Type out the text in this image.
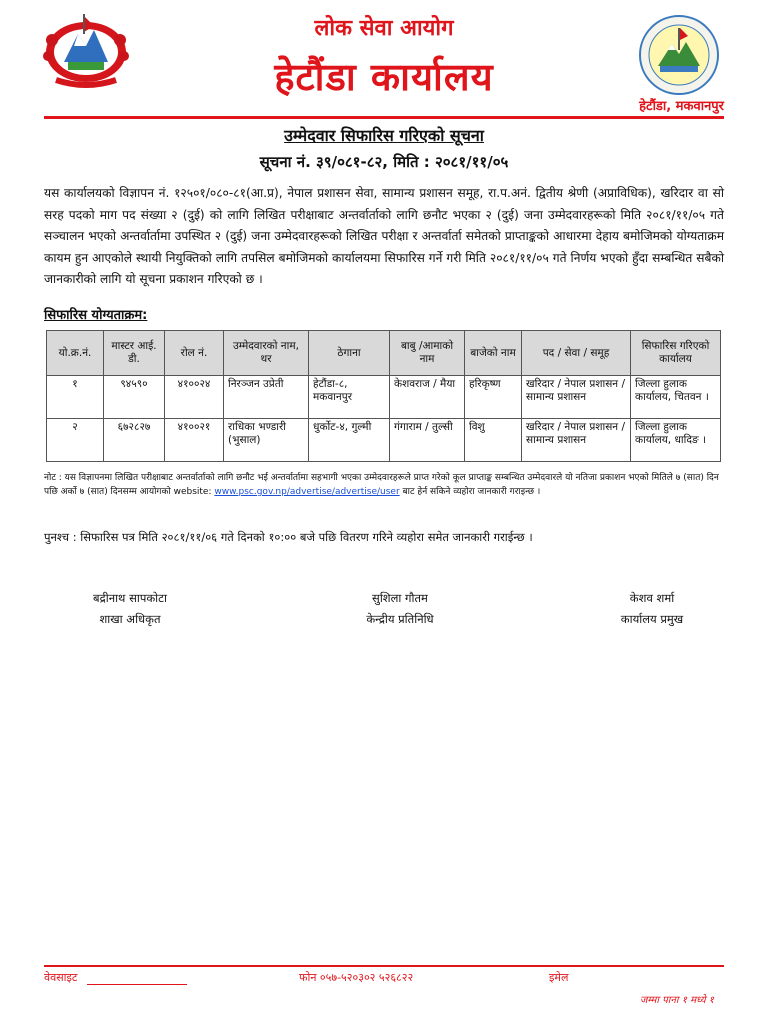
लोक सेवा आयोग
हेटौंडा कार्यालय
हेटौंडा, मकवानपुर
उम्मेदवार सिफारिस गरिएको सूचना
सूचना नं. ३९/०८१-८२, मिति : २०८१/११/०५
यस कार्यालयको विज्ञापन नं. १२५०१/०८०-८१(आ.प्र), नेपाल प्रशासन सेवा, सामान्य प्रशासन समूह, रा.प.अनं. द्वितीय श्रेणी (अप्राविधिक), खरिदार वा सो सरह पदको माग पद संख्या २ (दुई) को लागि लिखित परीक्षाबाट अन्तर्वार्ताको लागि छनौट भएका २ (दुई) जना उम्मेदवारहरूको मिति २०८१/११/०५ गते सञ्चालन भएको अन्तर्वार्तामा उपस्थित २ (दुई) जना उम्मेदवारहरूको लिखित परीक्षा र अन्तर्वार्ता समेतको प्राप्ताङ्कको आधारमा देहाय बमोजिमको योग्यताक्रम कायम हुन आएकोले स्थायी नियुक्तिको लागि तपसिल बमोजिमको कार्यालयमा सिफारिस गर्ने गरी मिति २०८१/११/०५ गते निर्णय भएको हुँदा सम्बन्धित सबैको जानकारीको लागि यो सूचना प्रकाशन गरिएको छ ।
सिफारिस योग्यताक्रम:
यो.क्र.नं.	मास्टर आई. डी.	रोल नं.	उम्मेदवारको नाम, थर	ठेगाना	बाबु /आमाको नाम	बाजेको नाम	पद / सेवा / समूह	सिफारिस गरिएको कार्यालय
१	९४५९०	४१००२४	निरञ्जन उप्रेती	हेटौंडा-८, मकवानपुर	केशवराज / मैया	हरिकृष्ण	खरिदार / नेपाल प्रशासन / सामान्य प्रशासन	जिल्ला हुलाक कार्यालय, चितवन ।
२	६७२८२७	४१००२१	राधिका भण्डारी (भुसाल)	धुर्कोट-४, गुल्मी	गंगाराम / तुल्सी	विशु	खरिदार / नेपाल प्रशासन / सामान्य प्रशासन	जिल्ला हुलाक कार्यालय, धादिङ ।
नोट : यस विज्ञापनमा लिखित परीक्षाबाट अन्तर्वार्ताको लागि छनौट भई अन्तर्वार्तामा सहभागी भएका उम्मेदवारहरूले प्राप्त गरेको कूल प्राप्ताङ्क सम्बन्धित उम्मेदवारले यो नतिजा प्रकाशन भएको मितिले ७ (सात) दिन पछि अर्को ७ (सात) दिनसम्म आयोगको website: www.psc.gov.np/advertise/advertise/user बाट हेर्न सकिने व्यहोरा जानकारी गराइन्छ ।
पुनश्च : सिफारिस पत्र मिति २०८१/११/०६ गते दिनको १०:०० बजे पछि वितरण गरिने व्यहोरा समेत जानकारी गराईन्छ ।
बद्रीनाथ सापकोटा
शाखा अधिकृत
सुशिला गौतम
केन्द्रीय प्रतिनिधि
केशव शर्मा
कार्यालय प्रमुख
वेवसाइट	फोन ०५७-५२०३०२ ५२६८२२	इमेल
जम्मा पाना १ मध्ये १
